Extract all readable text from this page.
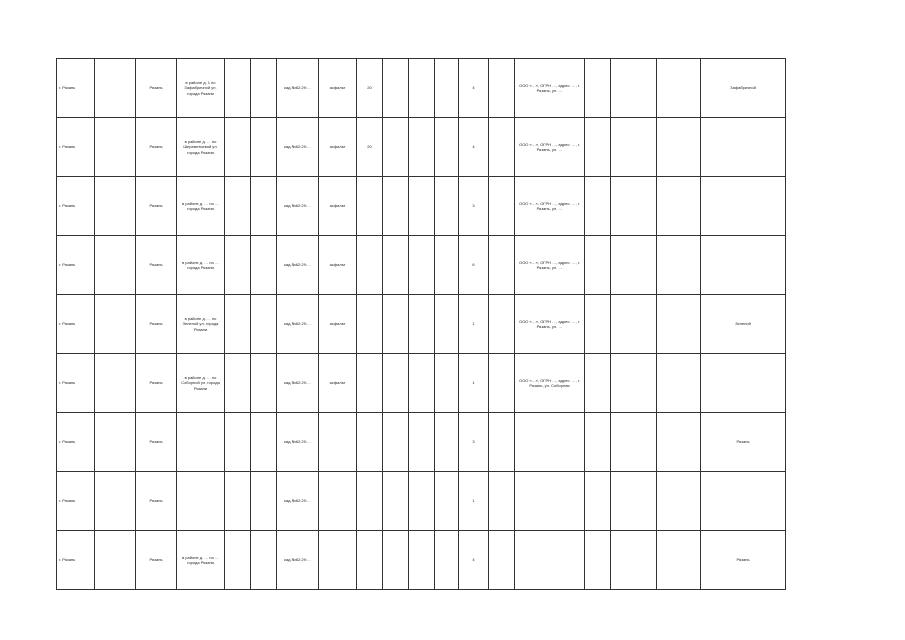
г. Рязань		Рязань	в районе д. 1 по Зафабричной ул. города Рязани			кад.№62:29:…	асфальт	20				4		ООО «…», ОГРН …, адрес: …, г. Рязань, ул. …				Зафабричной
г. Рязань		Рязань	в районе д. … по Шереметьевой ул. города Рязани			кад.№62:29:…	асфальт	20				4		ООО «…», ОГРН …, адрес: …, г. Рязань, ул. …				
г. Рязань		Рязань	в районе д. … по … города Рязани			кад.№62:29:…	асфальт					3		ООО «…», ОГРН …, адрес: …, г. Рязань, ул. …				
г. Рязань		Рязань	в районе д. … по … города Рязани			кад.№62:29:…	асфальт					6		ООО «…», ОГРН …, адрес: …, г. Рязань, ул. …				
г. Рязань		Рязань	в районе д. … по Зеленой ул. города Рязани			кад.№62:29:…	асфальт					1		ООО «…», ОГРН …, адрес: …, г. Рязань, ул. …				Зеленой
г. Рязань		Рязань	в районе д. … по Соборной ул. города Рязани			кад.№62:29:…	асфальт					1		ООО «…», ОГРН …, адрес: …, г. Рязань, ул. Соборная				
г. Рязань		Рязань				кад.№62:29:…						3						Рязань
г. Рязань		Рязань				кад.№62:29:…						1						
г. Рязань		Рязань	в районе д. … по … города Рязани			кад.№62:29:…						4						Рязань
